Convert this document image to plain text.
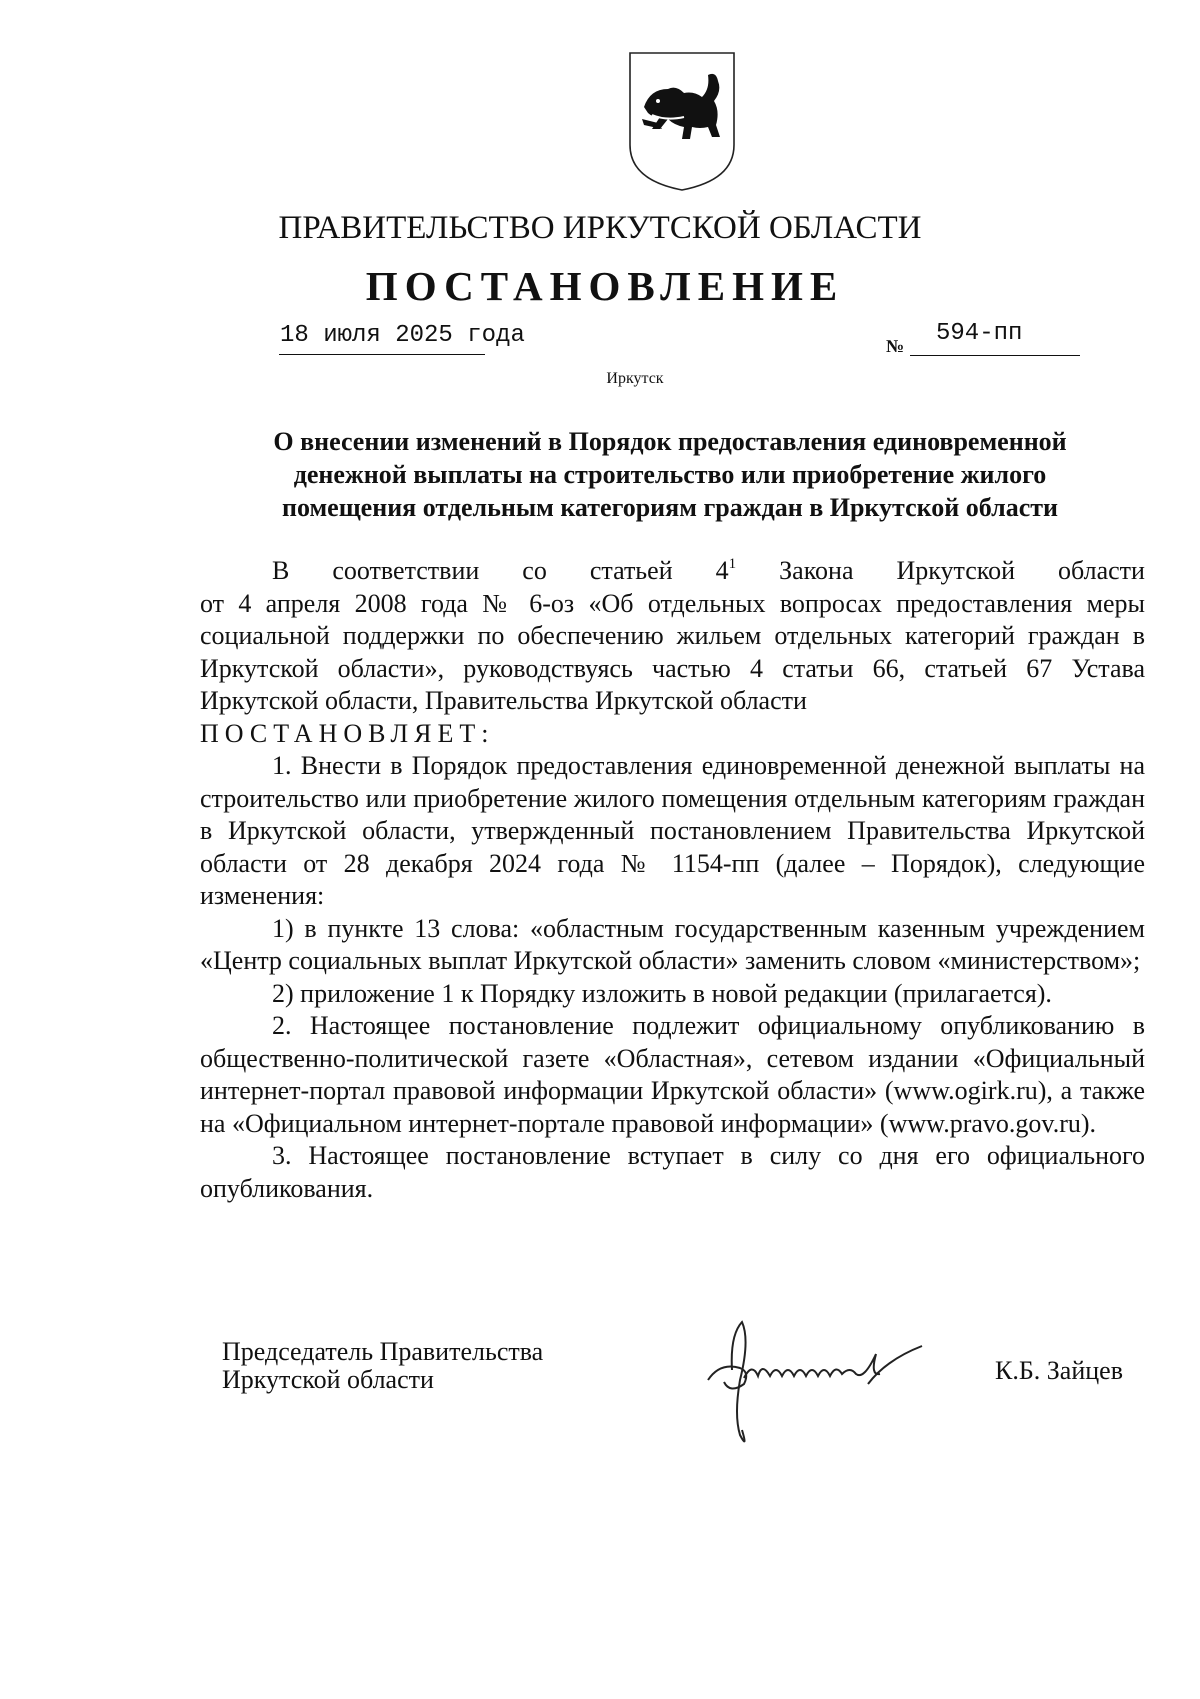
ПРАВИТЕЛЬСТВО ИРКУТСКОЙ ОБЛАСТИ
ПОСТАНОВЛЕНИЕ
18 июля 2025 года	№ 594-пп
Иркутск
О внесении изменений в Порядок предоставления единовременной
денежной выплаты на строительство или приобретение жилого
помещения отдельным категориям граждан в Иркутской области
В соответствии со статьей $4^1$ Закона Иркутской области
от 4 апреля 2008 года № 6-оз «Об отдельных вопросах предоставления меры социальной поддержки по обеспечению жильем отдельных категорий граждан в Иркутской области», руководствуясь частью 4 статьи 66, статьей 67 Устава Иркутской области, Правительства Иркутской области
ПОСТАНОВЛЯЕТ:
1. Внести в Порядок предоставления единовременной денежной выплаты на строительство или приобретение жилого помещения отдельным категориям граждан в Иркутской области, утвержденный постановлением Правительства Иркутской области от 28 декабря 2024 года № 1154-пп (далее – Порядок), следующие изменения:
1) в пункте 13 слова: «областным государственным казенным учреждением «Центр социальных выплат Иркутской области» заменить словом «министерством»;
2) приложение 1 к Порядку изложить в новой редакции (прилагается).
2. Настоящее постановление подлежит официальному опубликованию в общественно-политической газете «Областная», сетевом издании «Официальный интернет-портал правовой информации Иркутской области» (www.ogirk.ru), а также на «Официальном интернет-портале правовой информации» (www.pravo.gov.ru).
3. Настоящее постановление вступает в силу со дня его официального опубликования.
Председатель Правительства
Иркутской области	К.Б. Зайцев
